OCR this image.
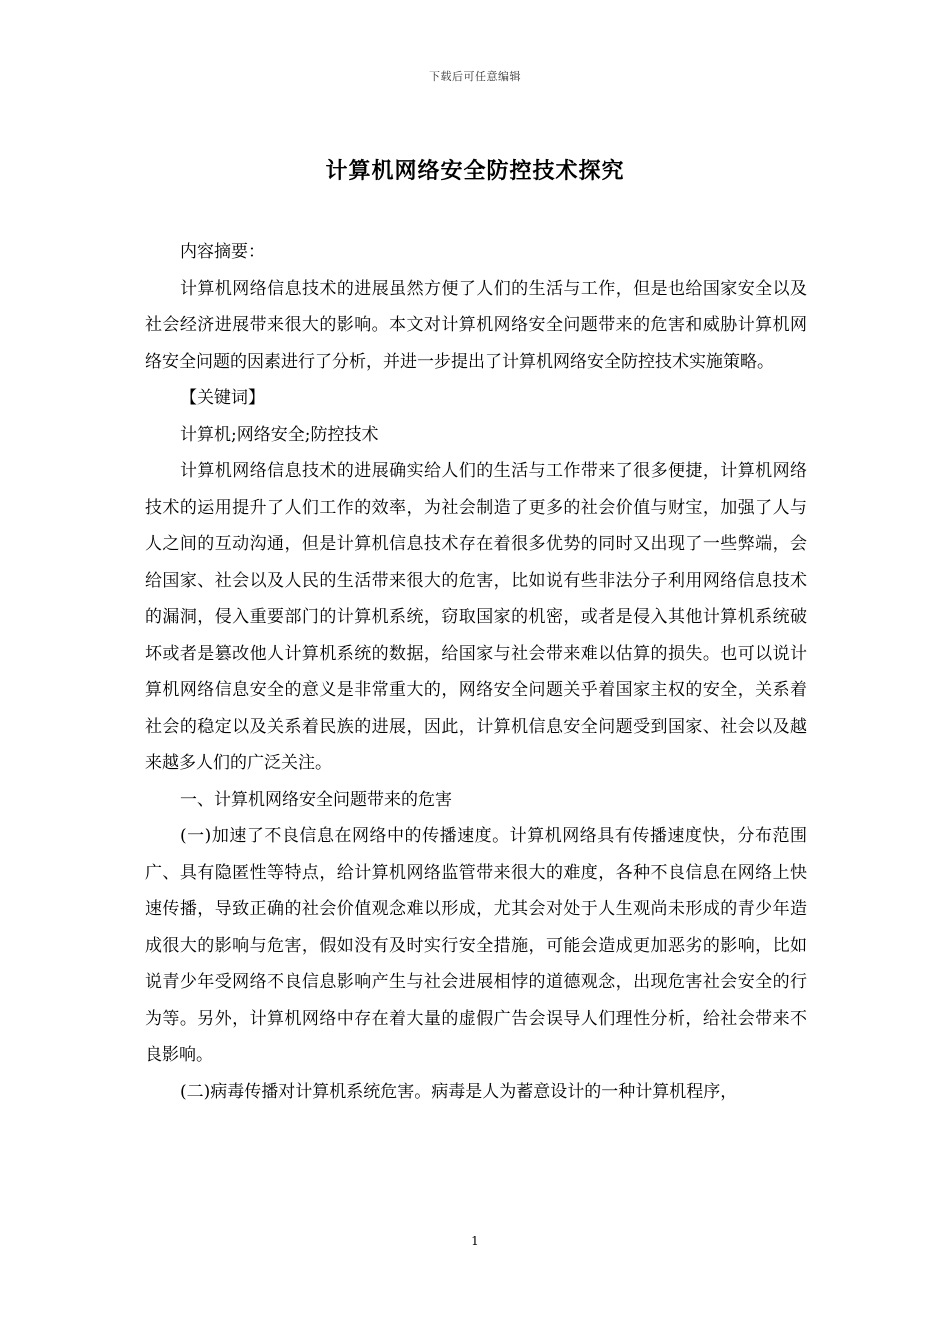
下载后可任意编辑
计算机网络安全防控技术探究

内容摘要：

计算机网络信息技术的进展虽然方便了人们的生活与工作，但是也给国家安全以及社会经济进展带来很大的影响。本文对计算机网络安全问题带来的危害和威胁计算机网络安全问题的因素进行了分析，并进一步提出了计算机网络安全防控技术实施策略。

【关键词】

计算机;网络安全;防控技术

计算机网络信息技术的进展确实给人们的生活与工作带来了很多便捷，计算机网络技术的运用提升了人们工作的效率，为社会制造了更多的社会价值与财宝，加强了人与人之间的互动沟通，但是计算机信息技术存在着很多优势的同时又出现了一些弊端，会给国家、社会以及人民的生活带来很大的危害，比如说有些非法分子利用网络信息技术的漏洞，侵入重要部门的计算机系统，窃取国家的机密，或者是侵入其他计算机系统破坏或者是篡改他人计算机系统的数据，给国家与社会带来难以估算的损失。也可以说计算机网络信息安全的意义是非常重大的，网络安全问题关乎着国家主权的安全，关系着社会的稳定以及关系着民族的进展，因此，计算机信息安全问题受到国家、社会以及越来越多人们的广泛关注。

一、计算机网络安全问题带来的危害

(一)加速了不良信息在网络中的传播速度。计算机网络具有传播速度快，分布范围广、具有隐匿性等特点，给计算机网络监管带来很大的难度，各种不良信息在网络上快速传播，导致正确的社会价值观念难以形成，尤其会对处于人生观尚未形成的青少年造成很大的影响与危害，假如没有及时实行安全措施，可能会造成更加恶劣的影响，比如说青少年受网络不良信息影响产生与社会进展相悖的道德观念，出现危害社会安全的行为等。另外，计算机网络中存在着大量的虚假广告会误导人们理性分析，给社会带来不良影响。

(二)病毒传播对计算机系统危害。病毒是人为蓄意设计的一种计算机程序，

1
